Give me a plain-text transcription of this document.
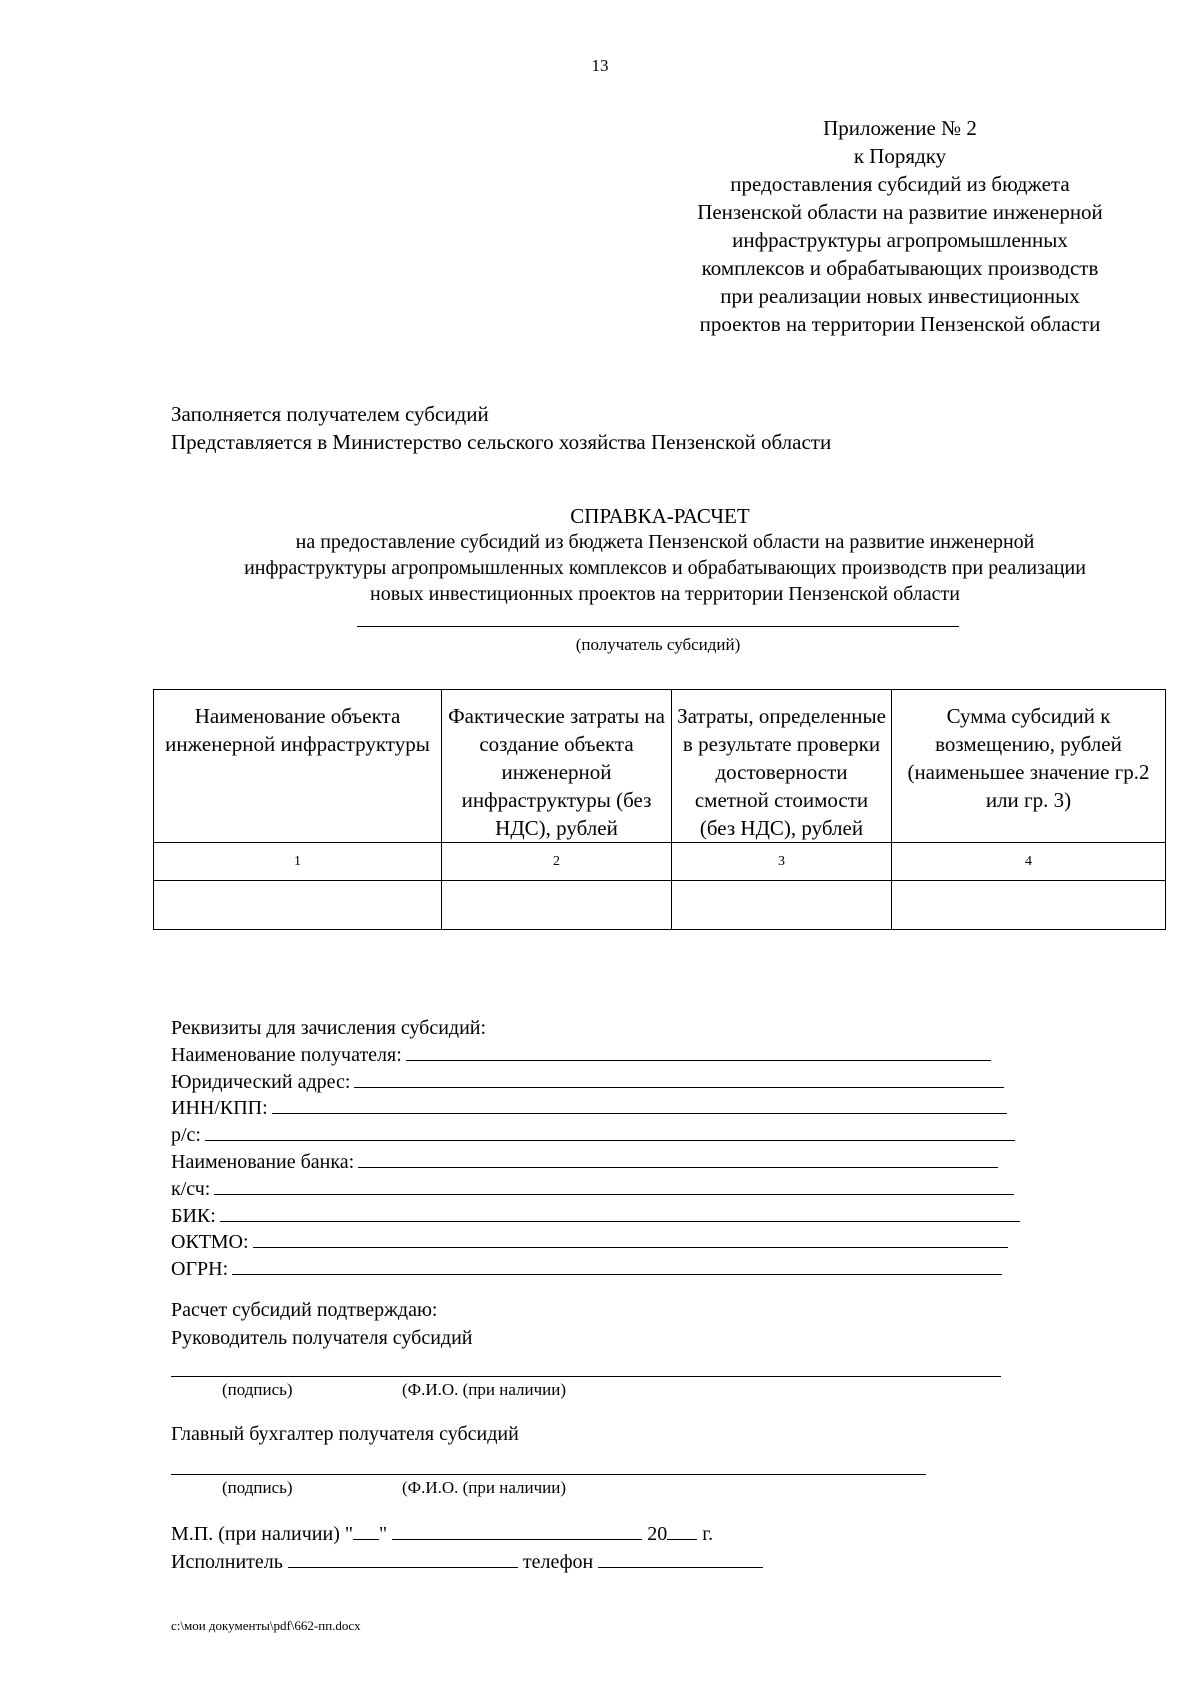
13
Приложение № 2
к Порядку
предоставления субсидий из бюджета
Пензенской области на развитие инженерной
инфраструктуры агропромышленных
комплексов и обрабатывающих производств
при реализации новых инвестиционных
проектов на территории Пензенской области
Заполняется получателем субсидий
Представляется в Министерство сельского хозяйства Пензенской области
СПРАВКА-РАСЧЕТ
на предоставление субсидий из бюджета Пензенской области на развитие инженерной
инфраструктуры агропромышленных комплексов и обрабатывающих производств при реализации
новых инвестиционных проектов на территории Пензенской области
(получатель субсидий)
Наименование объекта инженерной инфраструктуры	Фактические затраты на создание объекта инженерной инфраструктуры (без НДС), рублей	Затраты, определенные в результате проверки достоверности сметной стоимости (без НДС), рублей	Сумма субсидий к возмещению, рублей (наименьшее значение гр.2 или гр. 3)
1	2	3	4

Реквизиты для зачисления субсидий:
Наименование получателя:
Юридический адрес:
ИНН/КПП:
р/с:
Наименование банка:
к/сч:
БИК:
ОКТМО:
ОГРН:
Расчет субсидий подтверждаю:
Руководитель получателя субсидий
(подпись)	(Ф.И.О. (при наличии)
Главный бухгалтер получателя субсидий
(подпись)	(Ф.И.О. (при наличии)
М.П. (при наличии) " "	20 г.
Исполнитель	телефон
c:\мои документы\pdf\662-пп.docx
